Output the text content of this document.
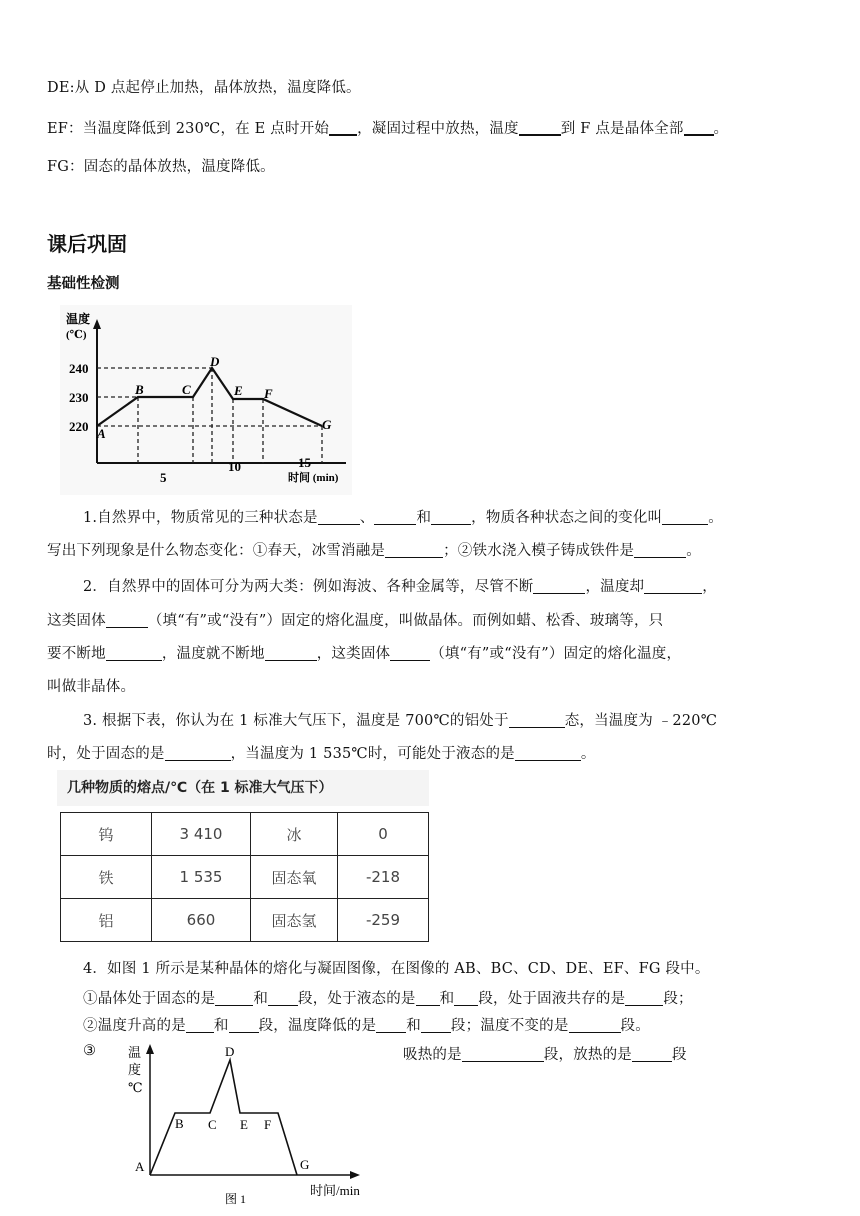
DE:从 D 点起停止加热，晶体放热，温度降低。
EF：当温度降低到 230℃，在 E 点时开始 ，凝固过程中放热，温度	到 F 点是晶体全部 。
FG：固态的晶体放热，温度降低。
课后巩固
基础性检测
温度
(℃)
240
230
220
5
10	15
时间 (min)
A
B	C
D
E F
G
1.自然界中，物质常见的三种状态是	、	和	，物质各种状态之间的变化叫	。
写出下列现象是什么物态变化：①春天，冰雪消融是	；②铁水浇入模子铸成铁件是	。
2．自然界中的固体可分为两大类：例如海波、各种金属等，尽管不断	，温度却	，
这类固体	（填“有”或“没有”）固定的熔化温度，叫做晶体。而例如蜡、松香、玻璃等，只
要不断地	，温度就不断地	，这类固体	（填“有”或“没有”）固定的熔化温度，
叫做非晶体。
3. 根据下表，你认为在 1 标准大气压下，温度是 700℃的铝处于	态，当温度为 ﹣220℃
时，处于固态的是	，当温度为 1 535℃时，可能处于液态的是	。
几种物质的熔点/℃（在 1 标准大气压下）
钨	3 410	冰	0
铁	1 535	固态氧	-218
铝	660	固态氢	-259
4．如图 1 所示是某种晶体的熔化与凝固图像，在图像的 AB、BC、CD、DE、EF、FG 段中。
①晶体处于固态的是	和 段，处于液态的是 和 段，处于固液共存的是	段；
②温度升高的是 和 段，温度降低的是 和 段；温度不变的是	段。
③	吸热的是	段，放热的是	段
温
度
℃
A
B C
D
E F
G
时间/min
图 1
